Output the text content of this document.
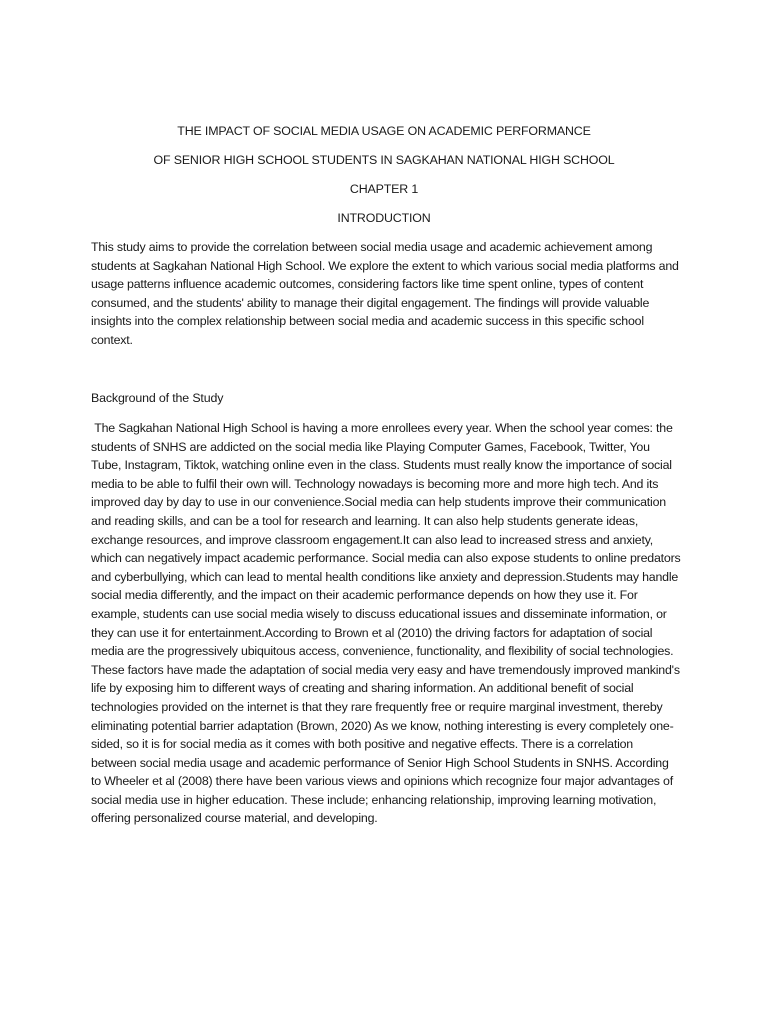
THE IMPACT OF SOCIAL MEDIA USAGE ON ACADEMIC PERFORMANCE
OF SENIOR HIGH SCHOOL STUDENTS IN SAGKAHAN NATIONAL HIGH SCHOOL
CHAPTER 1
INTRODUCTION

This study aims to provide the correlation between social media usage and academic achievement among students at Sagkahan National High School. We explore the extent to which various social media platforms and usage patterns influence academic outcomes, considering factors like time spent online, types of content consumed, and the students' ability to manage their digital engagement. The findings will provide valuable insights into the complex relationship between social media and academic success in this specific school context.

Background of the Study

The Sagkahan National High School is having a more enrollees every year. When the school year comes: the students of SNHS are addicted on the social media like Playing Computer Games, Facebook, Twitter, You Tube, Instagram, Tiktok, watching online even in the class. Students must really know the importance of social media to be able to fulfil their own will. Technology nowadays is becoming more and more high tech. And its improved day by day to use in our convenience.Social media can help students improve their communication and reading skills, and can be a tool for research and learning. It can also help students generate ideas, exchange resources, and improve classroom engagement.It can also lead to increased stress and anxiety, which can negatively impact academic performance. Social media can also expose students to online predators and cyberbullying, which can lead to mental health conditions like anxiety and depression.Students may handle social media differently, and the impact on their academic performance depends on how they use it. For example, students can use social media wisely to discuss educational issues and disseminate information, or they can use it for entertainment.According to Brown et al (2010) the driving factors for adaptation of social media are the progressively ubiquitous access, convenience, functionality, and flexibility of social technologies. These factors have made the adaptation of social media very easy and have tremendously improved mankind's life by exposing him to different ways of creating and sharing information. An additional benefit of social technologies provided on the internet is that they rare frequently free or require marginal investment, thereby eliminating potential barrier adaptation (Brown, 2020) As we know, nothing interesting is every completely one-sided, so it is for social media as it comes with both positive and negative effects. There is a correlation between social media usage and academic performance of Senior High School Students in SNHS. According to Wheeler et al (2008) there have been various views and opinions which recognize four major advantages of social media use in higher education. These include; enhancing relationship, improving learning motivation, offering personalized course material, and developing.
